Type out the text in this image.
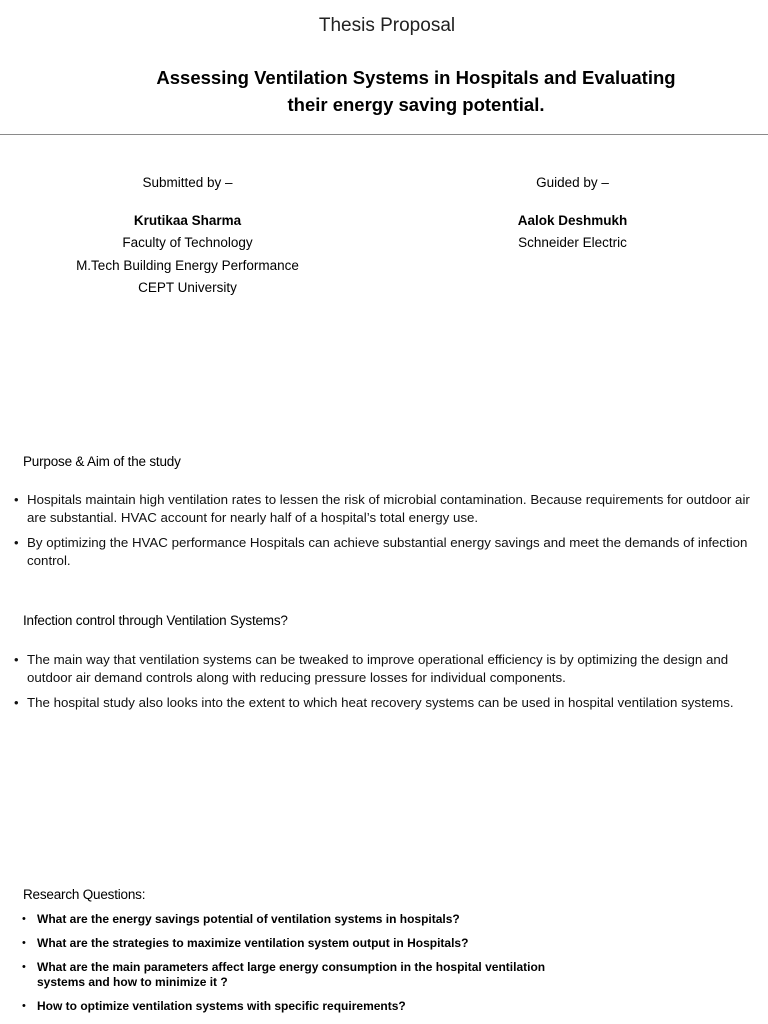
Thesis Proposal
Assessing Ventilation Systems in Hospitals and Evaluating
their energy saving potential.
Submitted by –
Krutikaa Sharma
Faculty of Technology
M.Tech Building Energy Performance
CEPT University
Guided by –
Aalok Deshmukh
Schneider Electric
Purpose & Aim of the study
• Hospitals maintain high ventilation rates to lessen the risk of microbial contamination. Because requirements for outdoor air are substantial. HVAC account for nearly half of a hospital’s total energy use.
• By optimizing the HVAC performance Hospitals can achieve substantial energy savings and meet the demands of infection control.
Infection control through Ventilation Systems?
• The main way that ventilation systems can be tweaked to improve operational efficiency is by optimizing the design and outdoor air demand controls along with reducing pressure losses for individual components.
• The hospital study also looks into the extent to which heat recovery systems can be used in hospital ventilation systems.
Research Questions:
• What are the energy savings potential of ventilation systems in hospitals?
• What are the strategies to maximize ventilation system output in Hospitals?
• What are the main parameters affect large energy consumption in the hospital ventilation systems and how to minimize it ?
• How to optimize ventilation systems with specific requirements?
